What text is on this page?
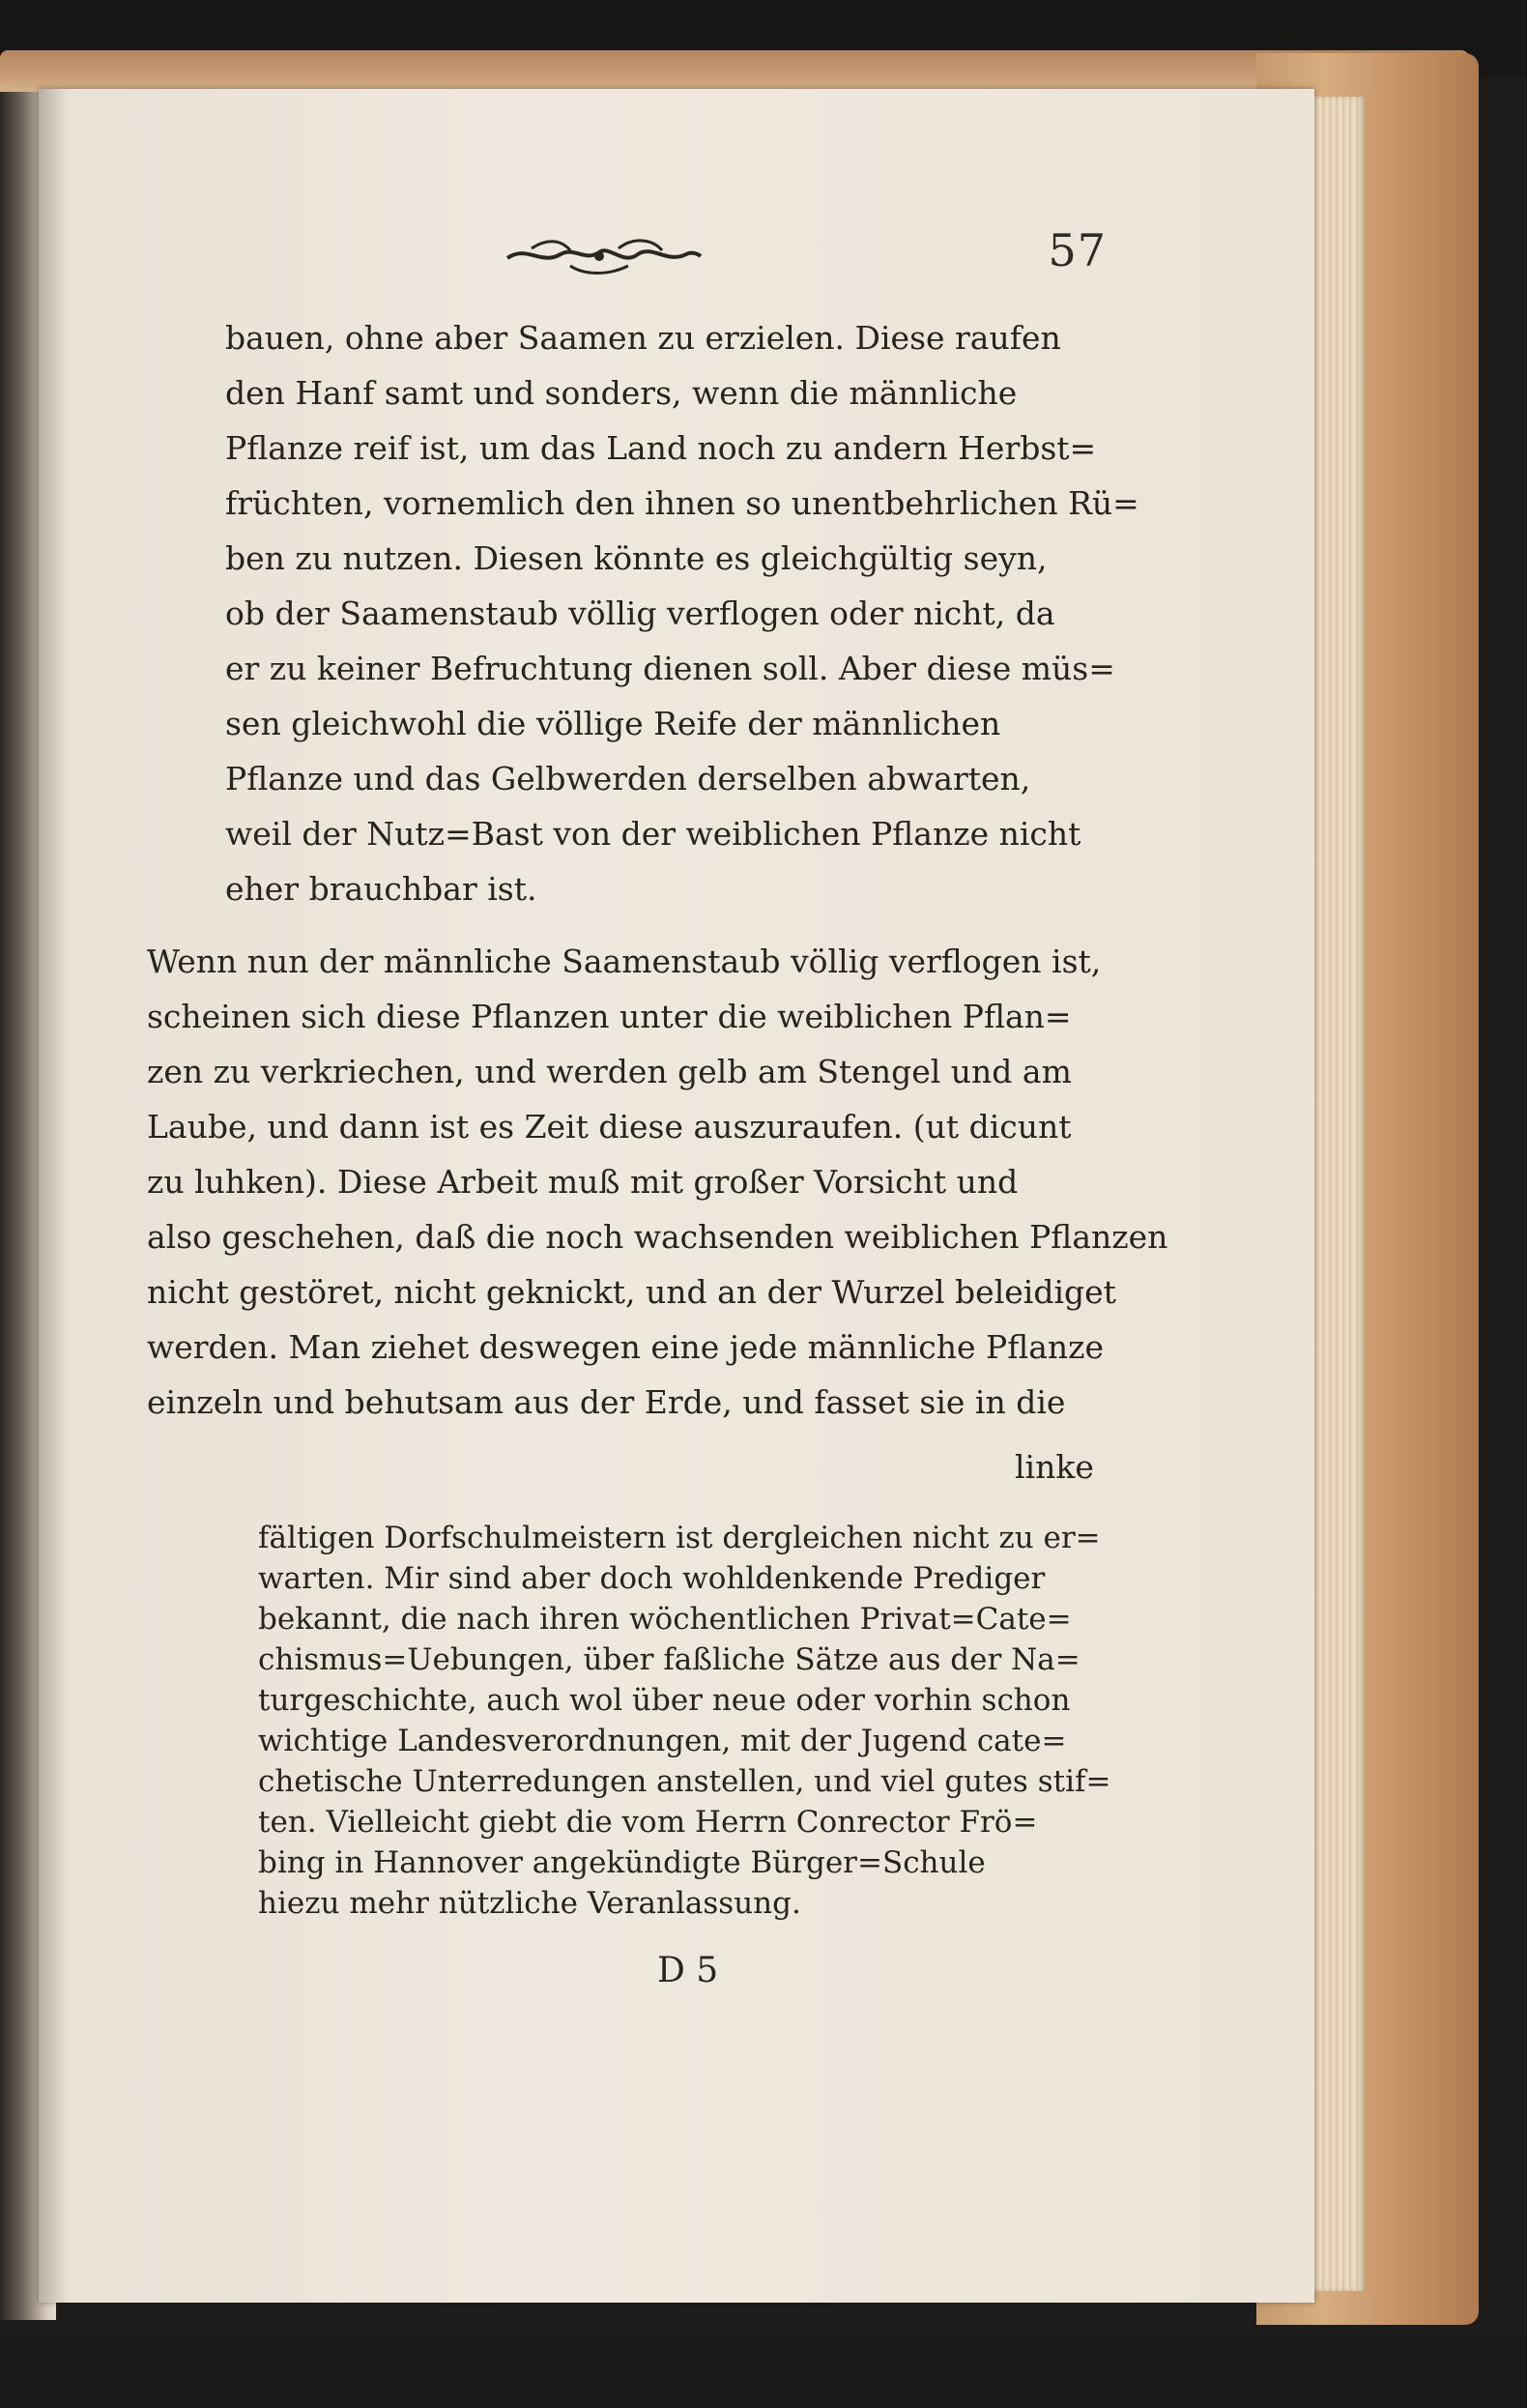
57
bauen, ohne aber Saamen zu erzielen. Diese raufen
den Hanf samt und sonders, wenn die männliche
Pflanze reif ist, um das Land noch zu andern Herbst=
früchten, vornemlich den ihnen so unentbehrlichen Rü=
ben zu nutzen. Diesen könnte es gleichgültig seyn,
ob der Saamenstaub völlig verflogen oder nicht, da
er zu keiner Befruchtung dienen soll. Aber diese müs=
sen gleichwohl die völlige Reife der männlichen
Pflanze und das Gelbwerden derselben abwarten,
weil der Nutz=Bast von der weiblichen Pflanze nicht
eher brauchbar ist.
Wenn nun der männliche Saamenstaub völlig verflogen ist,
scheinen sich diese Pflanzen unter die weiblichen Pflan=
zen zu verkriechen, und werden gelb am Stengel und am
Laube, und dann ist es Zeit diese auszuraufen. (ut dicunt
zu luhken). Diese Arbeit muß mit großer Vorsicht und
also geschehen, daß die noch wachsenden weiblichen Pflanzen
nicht gestöret, nicht geknickt, und an der Wurzel beleidiget
werden. Man ziehet deswegen eine jede männliche Pflanze
einzeln und behutsam aus der Erde, und fasset sie in die
linke
fältigen Dorfschulmeistern ist dergleichen nicht zu er=
warten. Mir sind aber doch wohldenkende Prediger
bekannt, die nach ihren wöchentlichen Privat=Cate=
chismus=Uebungen, über faßliche Sätze aus der Na=
turgeschichte, auch wol über neue oder vorhin schon
wichtige Landesverordnungen, mit der Jugend cate=
chetische Unterredungen anstellen, und viel gutes stif=
ten. Vielleicht giebt die vom Herrn Conrector Frö=
bing in Hannover angekündigte Bürger=Schule
hiezu mehr nützliche Veranlassung.
D 5
